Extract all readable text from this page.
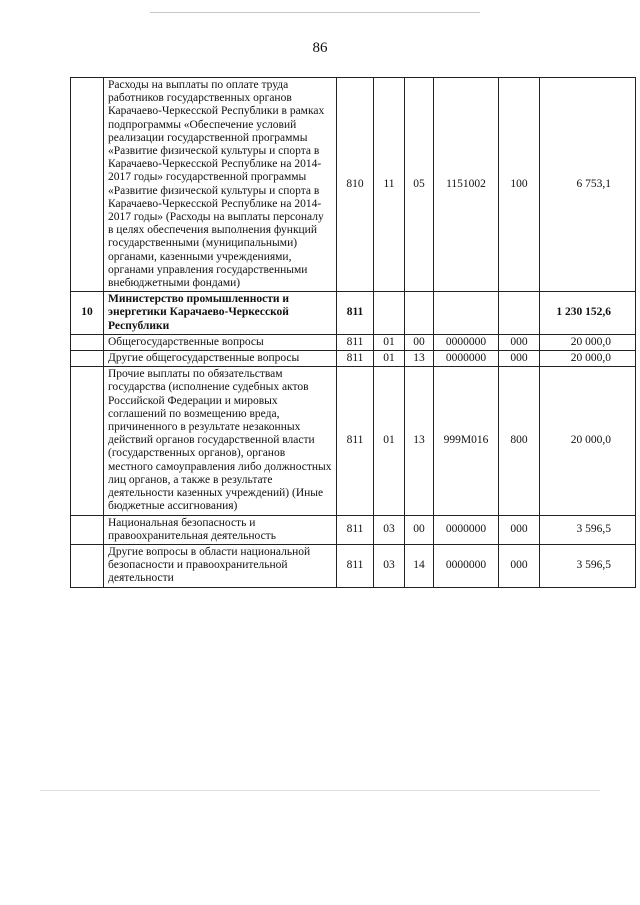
86
	Расходы на выплаты по оплате труда работников государственных органов Карачаево-Черкесской Республики в рамках подпрограммы «Обеспечение условий реализации государственной программы «Развитие физической культуры и спорта в Карачаево-Черкесской Республике на 2014-2017 годы» государственной программы «Развитие физической культуры и спорта в Карачаево-Черкесской Республике на 2014-2017 годы» (Расходы на выплаты персоналу в целях обеспечения выполнения функций государственными (муниципальными) органами, казенными учреждениями, органами управления государственными внебюджетными фондами)	810	11	05	1151002	100	6 753,1
10	Министерство промышленности и энергетики Карачаево-Черкесской Республики	811					1 230 152,6
	Общегосударственные вопросы	811	01	00	0000000	000	20 000,0
	Другие общегосударственные вопросы	811	01	13	0000000	000	20 000,0
	Прочие выплаты по обязательствам государства (исполнение судебных актов Российской Федерации и мировых соглашений по возмещению вреда, причиненного в результате незаконных действий органов государственной власти (государственных органов), органов местного самоуправления либо должностных лиц органов, а также в результате деятельности казенных учреждений) (Иные бюджетные ассигнования)	811	01	13	999М016	800	20 000,0
	Национальная безопасность и правоохранительная деятельность	811	03	00	0000000	000	3 596,5
	Другие вопросы в области национальной безопасности и правоохранительной деятельности	811	03	14	0000000	000	3 596,5
